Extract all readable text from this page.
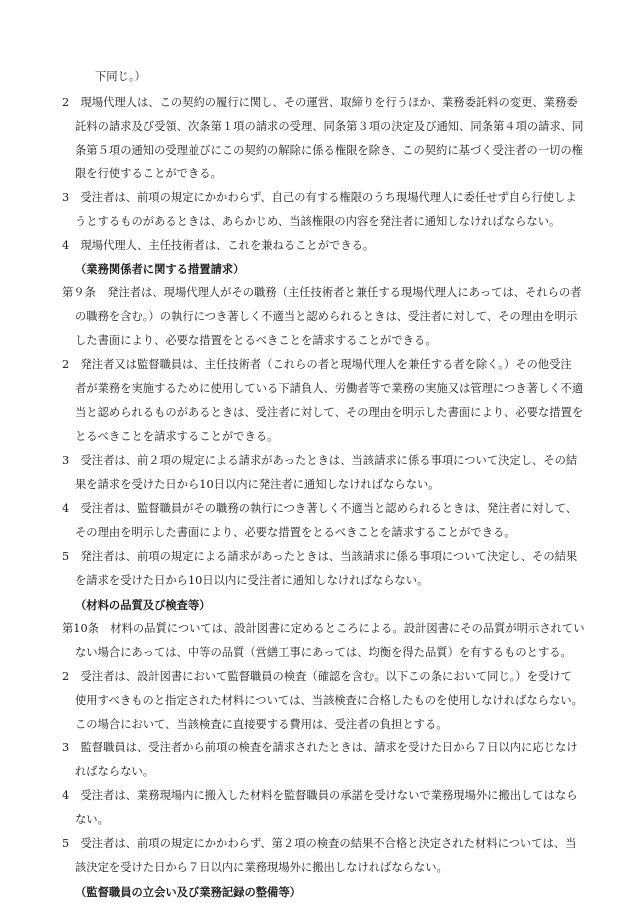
下同じ。）
2　現場代理人は、この契約の履行に関し、その運営、取締りを行うほか、業務委託料の変更、業務委
託料の請求及び受領、次条第１項の請求の受理、同条第３項の決定及び通知、同条第４項の請求、同
条第５項の通知の受理並びにこの契約の解除に係る権限を除き、この契約に基づく受注者の一切の権
限を行使することができる。
3　受注者は、前項の規定にかかわらず、自己の有する権限のうち現場代理人に委任せず自ら行使しよ
うとするものがあるときは、あらかじめ、当該権限の内容を発注者に通知しなければならない。
4　現場代理人、主任技術者は、これを兼ねることができる。
（業務関係者に関する措置請求）
第９条　発注者は、現場代理人がその職務（主任技術者と兼任する現場代理人にあっては、それらの者
の職務を含む。）の執行につき著しく不適当と認められるときは、受注者に対して、その理由を明示
した書面により、必要な措置をとるべきことを請求することができる。
2　発注者又は監督職員は、主任技術者（これらの者と現場代理人を兼任する者を除く。）その他受注
者が業務を実施するために使用している下請負人、労働者等で業務の実施又は管理につき著しく不適
当と認められるものがあるときは、受注者に対して、その理由を明示した書面により、必要な措置を
とるべきことを請求することができる。
3　受注者は、前２項の規定による請求があったときは、当該請求に係る事項について決定し、その結
果を請求を受けた日から10日以内に発注者に通知しなければならない。
4　受注者は、監督職員がその職務の執行につき著しく不適当と認められるときは、発注者に対して、
その理由を明示した書面により、必要な措置をとるべきことを請求することができる。
5　発注者は、前項の規定による請求があったときは、当該請求に係る事項について決定し、その結果
を請求を受けた日から10日以内に受注者に通知しなければならない。
（材料の品質及び検査等）
第10条　材料の品質については、設計図書に定めるところによる。設計図書にその品質が明示されてい
ない場合にあっては、中等の品質（営繕工事にあっては、均衡を得た品質）を有するものとする。
2　受注者は、設計図書において監督職員の検査（確認を含む。以下この条において同じ。）を受けて
使用すべきものと指定された材料については、当該検査に合格したものを使用しなければならない。
この場合において、当該検査に直接要する費用は、受注者の負担とする。
3　監督職員は、受注者から前項の検査を請求されたときは、請求を受けた日から７日以内に応じなけ
ればならない。
4　受注者は、業務現場内に搬入した材料を監督職員の承諾を受けないで業務現場外に搬出してはなら
ない。
5　受注者は、前項の規定にかかわらず、第２項の検査の結果不合格と決定された材料については、当
該決定を受けた日から７日以内に業務現場外に搬出しなければならない。
（監督職員の立会い及び業務記録の整備等）
